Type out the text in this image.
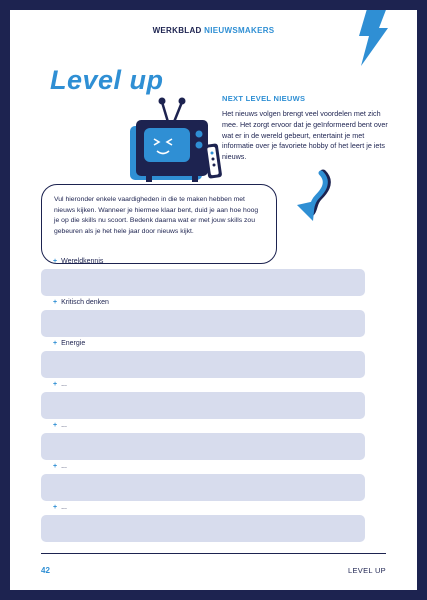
WERKBLAD NIEUWSMAKERS
Level up
NEXT LEVEL NIEUWS
Het nieuws volgen brengt veel voordelen met zich mee. Het zorgt ervoor dat je geïnformeerd bent over wat er in de wereld gebeurt, entertaint je met informatie over je favoriete hobby of het leert je iets nieuws.
Vul hieronder enkele vaardigheden in die te maken hebben met nieuws kijken. Wanneer je hiermee klaar bent, duid je aan hoe hoog je op die skills nu scoort. Bedenk daarna wat er met jouw skills zou gebeuren als je het hele jaar door nieuws kijkt.
+ Wereldkennis
+ Kritisch denken
+ Energie
+ ...
+ ...
+ ...
+ ...
42	LEVEL UP
